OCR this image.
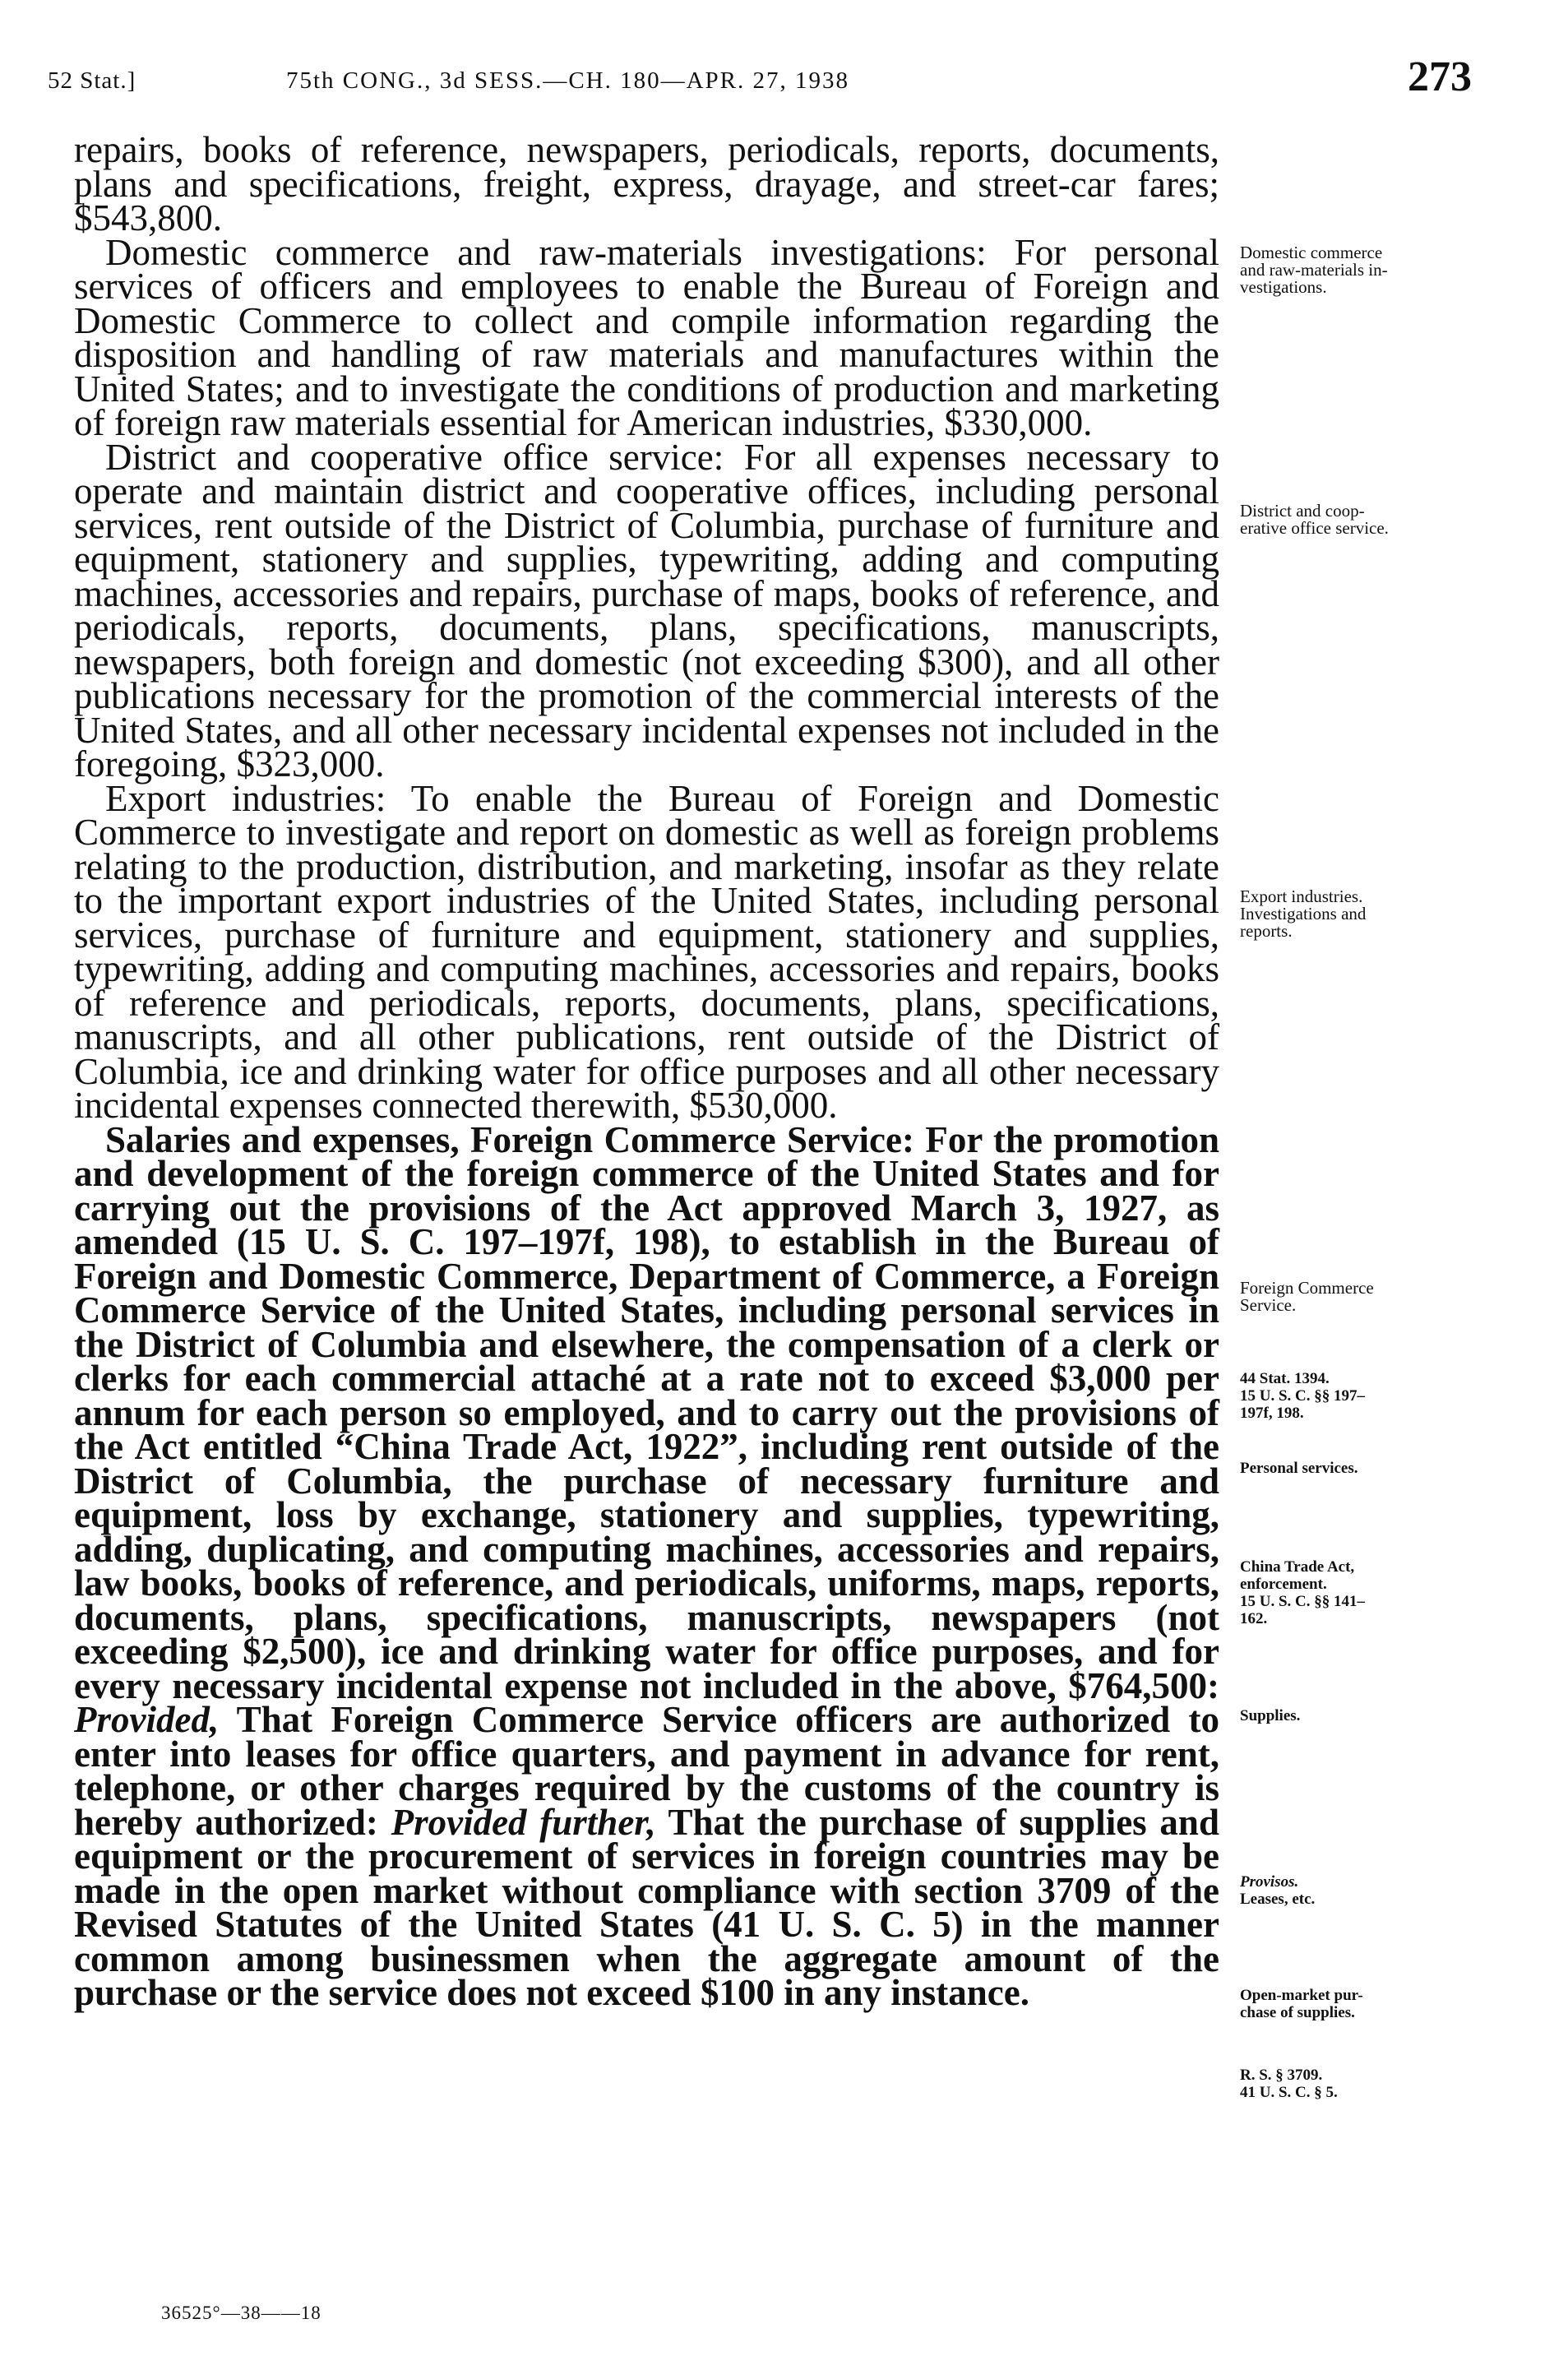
52 Stat.]	75th CONG., 3d SESS.—CH. 180—APR. 27, 1938	273

repairs, books of reference, newspapers, periodicals, reports, documents, plans and specifications, freight, express, drayage, and street-car fares; $543,800.

Domestic commerce and raw-materials investigations: For personal services of officers and employees to enable the Bureau of Foreign and Domestic Commerce to collect and compile information regarding the disposition and handling of raw materials and manufactures within the United States; and to investigate the conditions of production and marketing of foreign raw materials essential for American industries, $330,000.

District and cooperative office service: For all expenses necessary to operate and maintain district and cooperative offices, including personal services, rent outside of the District of Columbia, purchase of furniture and equipment, stationery and supplies, typewriting, adding and computing machines, accessories and repairs, purchase of maps, books of reference, and periodicals, reports, documents, plans, specifications, manuscripts, newspapers, both foreign and domestic (not exceeding $300), and all other publications necessary for the promotion of the commercial interests of the United States, and all other necessary incidental expenses not included in the foregoing, $323,000.

Export industries: To enable the Bureau of Foreign and Domestic Commerce to investigate and report on domestic as well as foreign problems relating to the production, distribution, and marketing, insofar as they relate to the important export industries of the United States, including personal services, purchase of furniture and equipment, stationery and supplies, typewriting, adding and computing machines, accessories and repairs, books of reference and periodicals, reports, documents, plans, specifications, manuscripts, and all other publications, rent outside of the District of Columbia, ice and drinking water for office purposes and all other necessary incidental expenses connected therewith, $530,000.

Salaries and expenses, Foreign Commerce Service: For the promotion and development of the foreign commerce of the United States and for carrying out the provisions of the Act approved March 3, 1927, as amended (15 U. S. C. 197–197f, 198), to establish in the Bureau of Foreign and Domestic Commerce, Department of Commerce, a Foreign Commerce Service of the United States, including personal services in the District of Columbia and elsewhere, the compensation of a clerk or clerks for each commercial attaché at a rate not to exceed $3,000 per annum for each person so employed, and to carry out the provisions of the Act entitled “China Trade Act, 1922”, including rent outside of the District of Columbia, the purchase of necessary furniture and equipment, loss by exchange, stationery and supplies, typewriting, adding, duplicating, and computing machines, accessories and repairs, law books, books of reference, and periodicals, uniforms, maps, reports, documents, plans, specifications, manuscripts, newspapers (not exceeding $2,500), ice and drinking water for office purposes, and for every necessary incidental expense not included in the above, $764,500: Provided, That Foreign Commerce Service officers are authorized to enter into leases for office quarters, and payment in advance for rent, telephone, or other charges required by the customs of the country is hereby authorized: Provided further, That the purchase of supplies and equipment or the procurement of services in foreign countries may be made in the open market without compliance with section 3709 of the Revised Statutes of the United States (41 U. S. C. 5) in the manner common among businessmen when the aggregate amount of the purchase or the service does not exceed $100 in any instance.

Domestic commerce
and raw-materials in-
vestigations.
District and coop-
erative office service.
Export industries.
Investigations and
reports.
Foreign Commerce
Service.
44 Stat. 1394.
15 U. S. C. §§ 197–
197f, 198.
Personal services.
China Trade Act,
enforcement.
15 U. S. C. §§ 141–
162.
Supplies.
Provisos.
Leases, etc.
Open-market pur-
chase of supplies.
R. S. § 3709.
41 U. S. C. § 5.
36525°—38——18
